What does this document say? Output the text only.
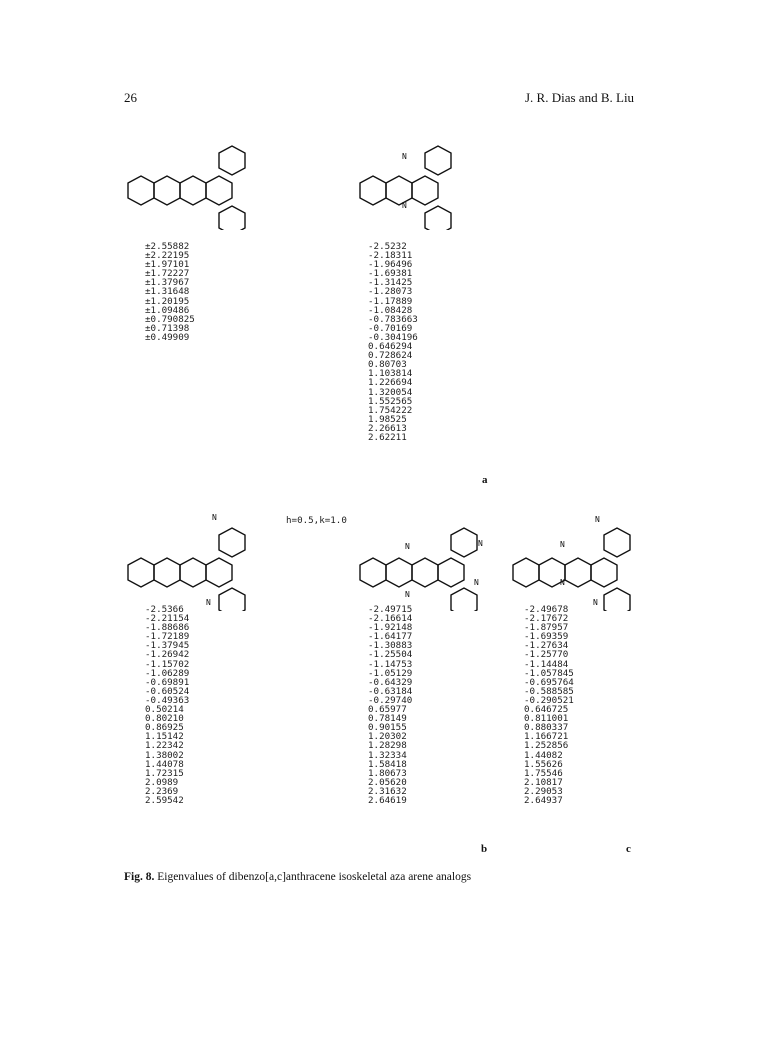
26	J. R. Dias and B. Liu
N
N
±2.55882
±2.22195
±1.97101
±1.72227
±1.37967
±1.31648
±1.20195
±1.09486
±0.790825
±0.71398
±0.49909
-2.5232
-2.18311
-1.96496
-1.69381
-1.31425
-1.28073
-1.17889
-1.08428
-0.783663
-0.70169
-0.304196
0.646294
0.728624
0.80703
1.103814
1.226694
1.320054
1.552565
1.754222
1.98525
2.26613
2.62211
a
h=0.5,k=1.0
N
N
N
N
N
N
N
N
N
N
-2.5366
-2.21154
-1.88686
-1.72189
-1.37945
-1.26942
-1.15702
-1.06289
-0.69891
-0.60524
-0.49363
0.50214
0.80210
0.86925
1.15142
1.22342
1.38002
1.44078
1.72315
2.0989
2.2369
2.59542
-2.49715
-2.16614
-1.92148
-1.64177
-1.30883
-1.25504
-1.14753
-1.05129
-0.64329
-0.63184
-0.29740
0.65977
0.78149
0.90155
1.20302
1.28298
1.32334
1.58418
1.80673
2.05620
2.31632
2.64619
b
-2.49678
-2.17672
-1.87957
-1.69359
-1.27634
-1.25770
-1.14484
-1.057845
-0.695764
-0.588585
-0.290521
0.646725
0.811001
0.880337
1.166721
1.252856
1.44082
1.55626
1.75546
2.10817
2.29053
2.64937
c
Fig. 8. Eigenvalues of dibenzo[a,c]anthracene isoskeletal aza arene analogs
